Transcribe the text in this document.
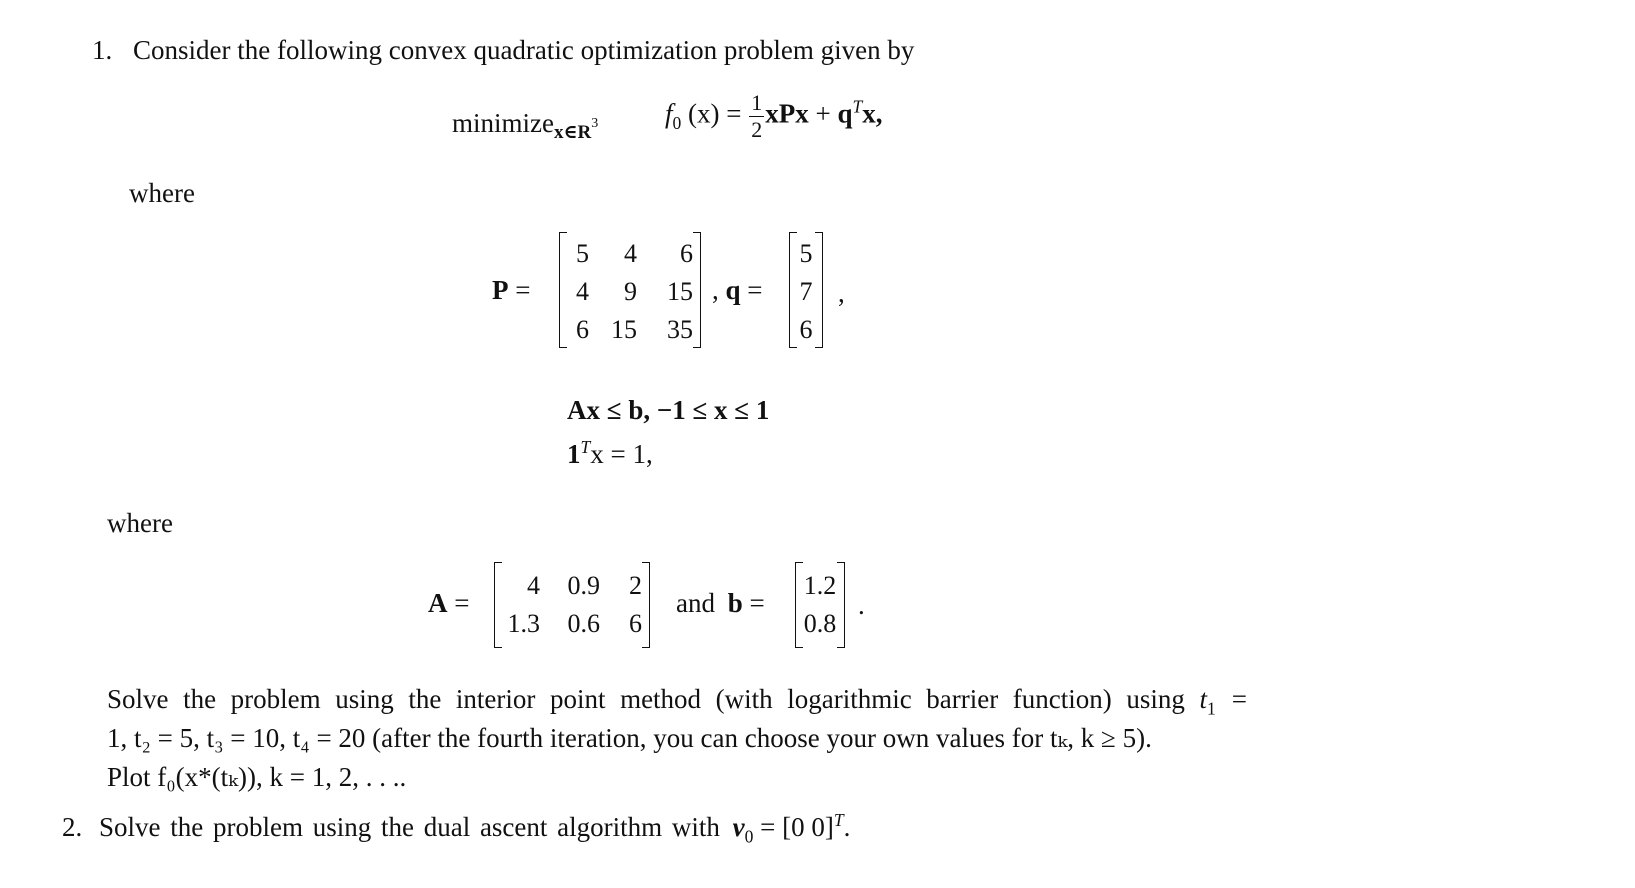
1. Consider the following convex quadratic optimization problem given by
minimize$_{x\in R^3}$ $f_0$ $(x) = \frac{1}{2}$ xPx + $q^Tx$,
where
P =
5	4	6
4	9	15
6 15	35
, q =
5
7
6
,
Ax ≤ b, −1 ≤ x ≤ 1
$1^Tx = 1$,
where
A =
4 0.9 2
1.3 0.6 6
and b =
1.2
0.8
.
Solve the problem using the interior point method (with logarithmic barrier function) using $t_1$ =
1, t₂ = 5, t₃ = 10, t₄ = 20 (after the fourth iteration, you can choose your own values for tₖ, k ≥ 5).
Plot f₀(x*(tₖ)), k = 1, 2, . . ..
2. Solve the problem using the dual ascent algorithm with $\nu_0 = [0$ 0]$^T$.
